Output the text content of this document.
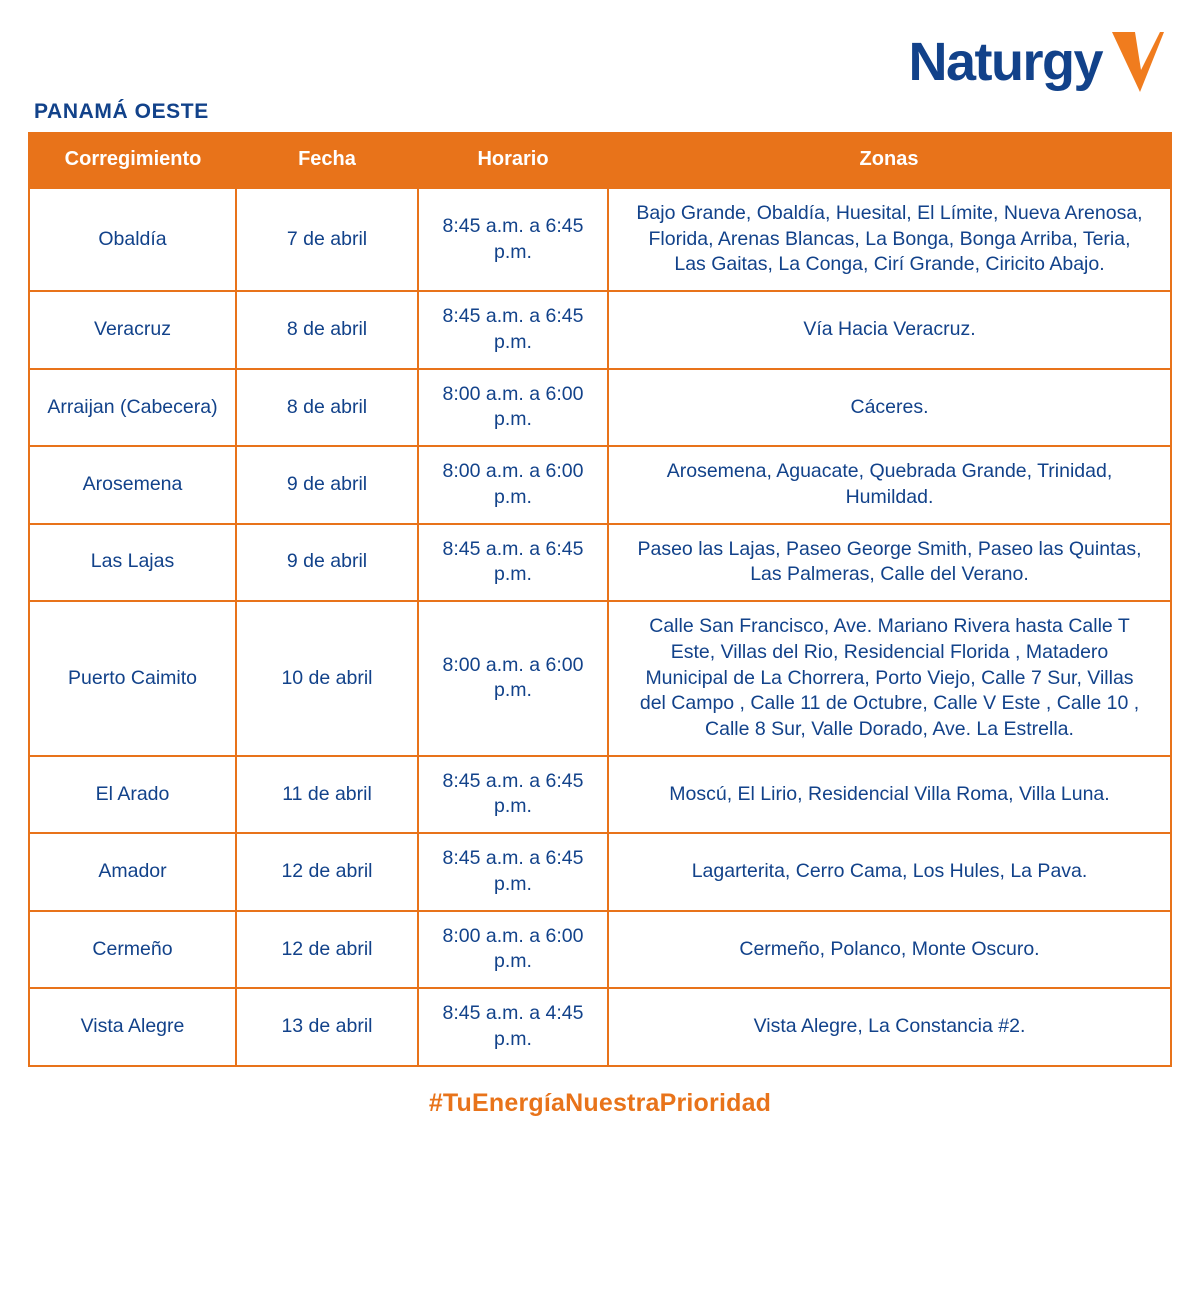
PANAMÁ OESTE
Naturgy
Corregimiento	Fecha	Horario	Zonas
Obaldía	7 de abril	8:45 a.m. a 6:45 p.m.	Bajo Grande, Obaldía, Huesital, El Límite, Nueva Arenosa, Florida, Arenas Blancas, La Bonga, Bonga Arriba, Teria, Las Gaitas, La Conga, Cirí Grande, Ciricito Abajo.
Veracruz	8 de abril	8:45 a.m. a 6:45 p.m.	Vía Hacia Veracruz.
Arraijan (Cabecera)	8 de abril	8:00 a.m. a 6:00 p.m.	Cáceres.
Arosemena	9 de abril	8:00 a.m. a 6:00 p.m.	Arosemena, Aguacate, Quebrada Grande, Trinidad, Humildad.
Las Lajas	9 de abril	8:45 a.m. a 6:45 p.m.	Paseo las Lajas, Paseo George Smith, Paseo las Quintas, Las Palmeras, Calle del Verano.
Puerto Caimito	10 de abril	8:00 a.m. a 6:00 p.m.	Calle San Francisco, Ave. Mariano Rivera hasta Calle T Este, Villas del Rio, Residencial Florida , Matadero Municipal de La Chorrera, Porto Viejo, Calle 7 Sur, Villas del Campo , Calle 11 de Octubre, Calle V Este , Calle 10 , Calle 8 Sur, Valle Dorado, Ave. La Estrella.
El Arado	11 de abril	8:45 a.m. a 6:45 p.m.	Moscú, El Lirio, Residencial Villa Roma, Villa Luna.
Amador	12 de abril	8:45 a.m. a 6:45 p.m.	Lagarterita, Cerro Cama, Los Hules, La Pava.
Cermeño	12 de abril	8:00 a.m. a 6:00 p.m.	Cermeño, Polanco, Monte Oscuro.
Vista Alegre	13 de abril	8:45 a.m. a 4:45 p.m.	Vista Alegre, La Constancia #2.
#TuEnergíaNuestraPrioridad
